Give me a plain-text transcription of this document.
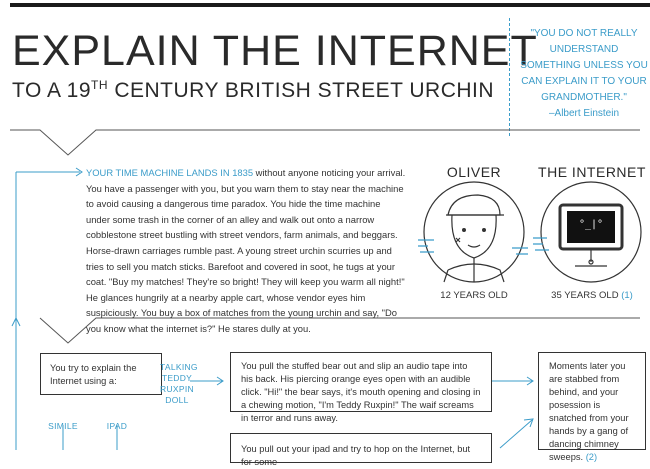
EXPLAIN THE INTERNET
TO A 19TH CENTURY BRITISH STREET URCHIN
"YOU DO NOT REALLY UNDERSTAND SOMETHING UNLESS YOU CAN EXPLAIN IT TO YOUR GRANDMOTHER."
–Albert Einstein
°_|°
YOUR TIME MACHINE LANDS IN 1835 without anyone noticing your arrival. You have a passenger with you, but you warn them to stay near the machine to avoid causing a dangerous time paradox. You hide the time machine under some trash in the corner of an alley and walk out onto a narrow cobblestone street bustling with street vendors, farm animals, and beggars. Horse-drawn carriages rumble past. A young street urchin scurries up and tries to sell you match sticks. Barefoot and covered in soot, he tugs at your coat. "Buy my matches! They're so bright! They will keep you warm all night!" He glances hungrily at a nearby apple cart, whose vendor eyes him suspiciously. You buy a box of matches from the young urchin and say, "Do you know what the internet is?" He stares dully at you.
OLIVER	THE INTERNET
12 YEARS OLD	35 YEARS OLD (1)
You try to explain the Internet using a:
TALKING TEDDY RUXPIN DOLL
SIMILE	IPAD
You pull the stuffed bear out and slip an audio tape into his back. His piercing orange eyes open with an audible click. "Hi!" the bear says, it's mouth opening and closing in a chewing motion, "I'm Teddy Ruxpin!" The waif screams in terror and runs away.
You pull out your ipad and try to hop on the Internet, but for some
Moments later you are stabbed from behind, and your posession is snatched from your hands by a gang of dancing chimney sweeps. (2)
